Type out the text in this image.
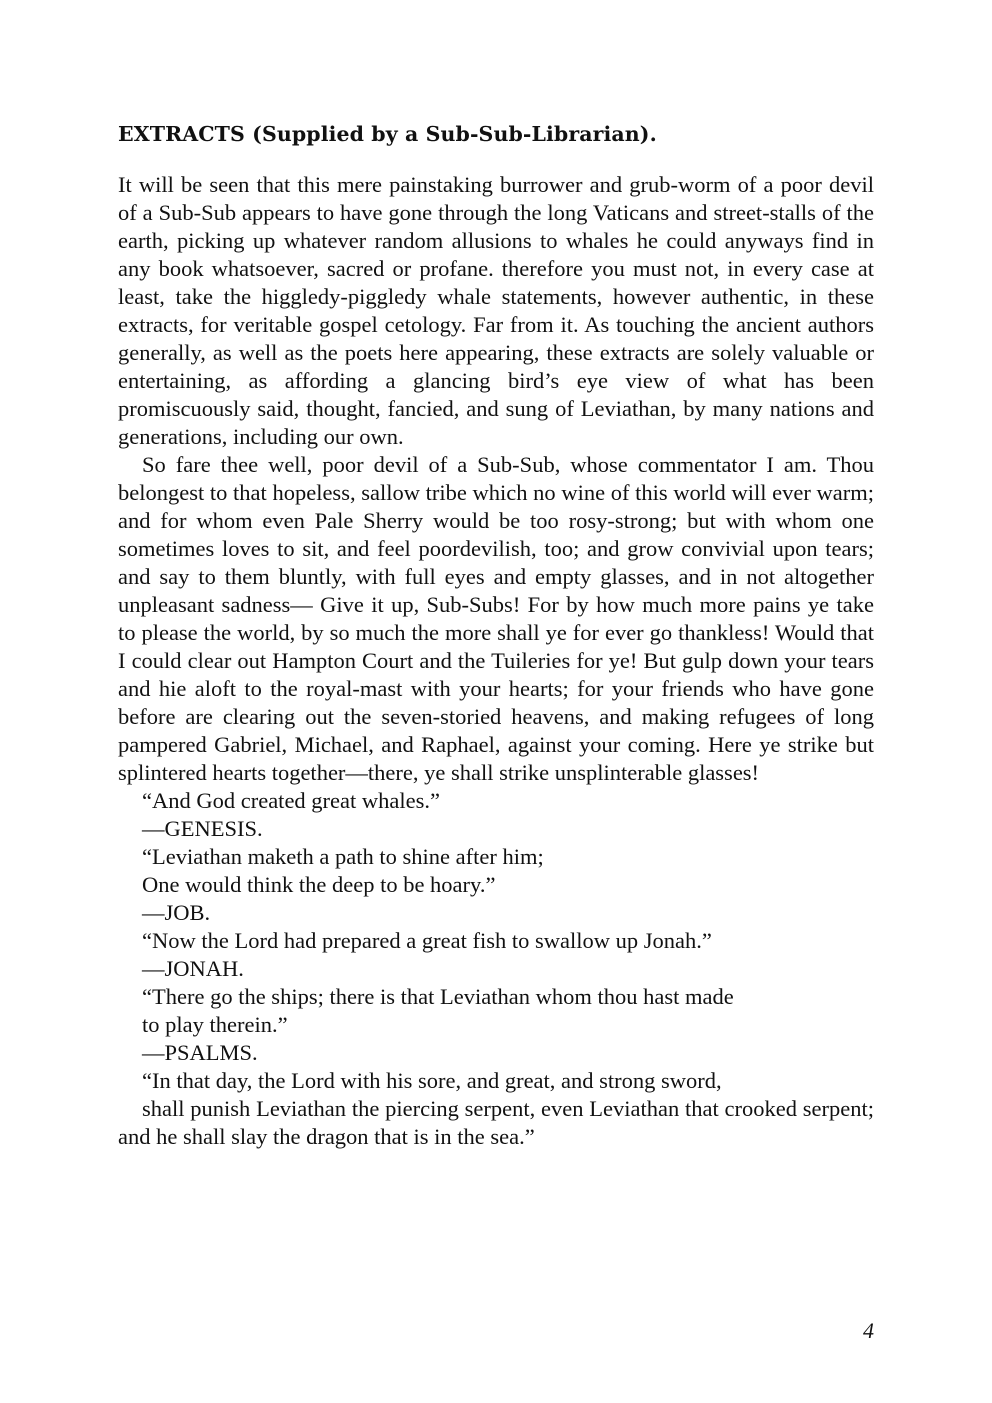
EXTRACTS (Supplied by a Sub-Sub-Librarian).

It will be seen that this mere painstaking burrower and grub-worm of a poor devil of a Sub-Sub appears to have gone through the long Vaticans and street-stalls of the earth, picking up whatever random allusions to whales he could anyways find in any book whatsoever, sacred or profane. therefore you must not, in every case at least, take the higgledy-piggledy whale statements, however authentic, in these extracts, for veritable gospel cetology. Far from it. As touching the ancient authors generally, as well as the poets here appearing, these extracts are solely valuable or entertaining, as affording a glancing bird’s eye view of what has been promiscuously said, thought, fancied, and sung of Leviathan, by many nations and generations, including our own.

So fare thee well, poor devil of a Sub-Sub, whose commentator I am. Thou belongest to that hopeless, sallow tribe which no wine of this world will ever warm; and for whom even Pale Sherry would be too rosy-strong; but with whom one sometimes loves to sit, and feel poordevilish, too; and grow convivial upon tears; and say to them bluntly, with full eyes and empty glasses, and in not altogether unpleasant sadness— Give it up, Sub-Subs! For by how much more pains ye take to please the world, by so much the more shall ye for ever go thankless! Would that I could clear out Hampton Court and the Tuileries for ye! But gulp down your tears and hie aloft to the royal-mast with your hearts; for your friends who have gone before are clearing out the seven-storied heavens, and making refugees of long pampered Gabriel, Michael, and Raphael, against your coming. Here ye strike but splintered hearts together—there, ye shall strike unsplinterable glasses!

“And God created great whales.”

—GENESIS.

“Leviathan maketh a path to shine after him;

One would think the deep to be hoary.”

—JOB.

“Now the Lord had prepared a great fish to swallow up Jonah.”

—JONAH.

“There go the ships; there is that Leviathan whom thou hast made

to play therein.”

—PSALMS.

“In that day, the Lord with his sore, and great, and strong sword,

shall punish Leviathan the piercing serpent, even Leviathan that crooked serpent; and he shall slay the dragon that is in the sea.”

4
